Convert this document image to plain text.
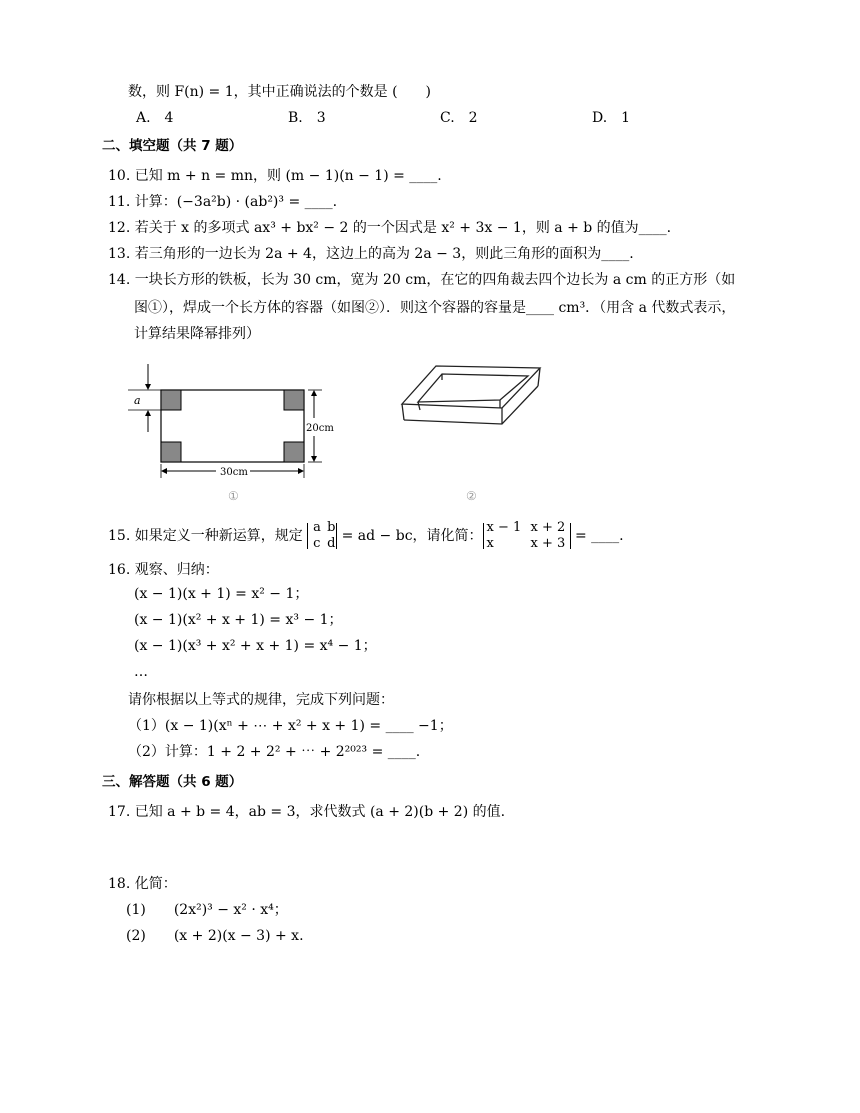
数，则 F(n) = 1，其中正确说法的个数是 (　　)
A.　4	B.　3	C.　2	D.　1
二、填空题（共 7 题）
10. 已知 m + n = mn，则 (m − 1)(n − 1) = ____.
11. 计算：(−3a²b) · (ab²)³ = ____.
12. 若关于 x 的多项式 ax³ + bx² − 2 的一个因式是 x² + 3x − 1，则 a + b 的值为____.
13. 若三角形的一边长为 2a + 4，这边上的高为 2a − 3，则此三角形的面积为____.
14. 一块长方形的铁板，长为 30 cm，宽为 20 cm，在它的四角裁去四个边长为 a cm 的正方形（如
图①），焊成一个长方体的容器（如图②）．则这个容器的容量是____ cm³．（用含 a 代数式表示，
计算结果降幂排列）
a
20cm
30cm
①	②
15. 如果定义一种新运算，规定
a b
c d = ad − bc，请化简：
x − 1 x + 2
x	x + 3 = ____.
16. 观察、归纳：
(x − 1)(x + 1) = x² − 1；
(x − 1)(x² + x + 1) = x³ − 1；
(x − 1)(x³ + x² + x + 1) = x⁴ − 1；
…
请你根据以上等式的规律，完成下列问题：
（1）(x − 1)(xⁿ + ⋯ + x² + x + 1) = ____ −1；
（2）计算：1 + 2 + 2² + ⋯ + 2²⁰²³ = ____.
三、解答题（共 6 题）
17. 已知 a + b = 4，ab = 3，求代数式 (a + 2)(b + 2) 的值.
18. 化简：
(1)　　(2x²)³ − x² · x⁴；
(2)　　(x + 2)(x − 3) + x.
